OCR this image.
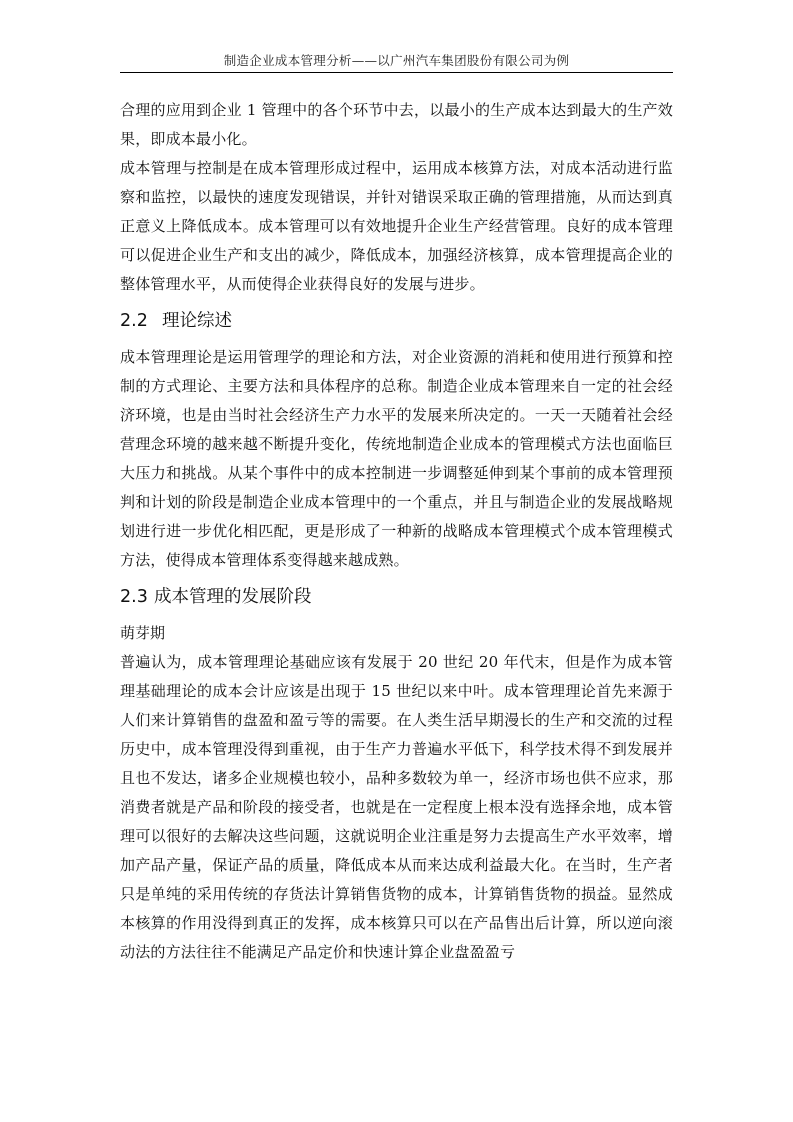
制造企业成本管理分析——以广州汽车集团股份有限公司为例

合理的应用到企业 1 管理中的各个环节中去，以最小的生产成本达到最大的生产效果，即成本最小化。

成本管理与控制是在成本管理形成过程中，运用成本核算方法，对成本活动进行监察和监控，以最快的速度发现错误，并针对错误采取正确的管理措施，从而达到真正意义上降低成本。成本管理可以有效地提升企业生产经营管理。良好的成本管理可以促进企业生产和支出的减少，降低成本，加强经济核算，成本管理提高企业的整体管理水平，从而使得企业获得良好的发展与进步。

2.2 理论综述

成本管理理论是运用管理学的理论和方法，对企业资源的消耗和使用进行预算和控制的方式理论、主要方法和具体程序的总称。制造企业成本管理来自一定的社会经济环境，也是由当时社会经济生产力水平的发展来所决定的。一天一天随着社会经营理念环境的越来越不断提升变化，传统地制造企业成本的管理模式方法也面临巨大压力和挑战。从某个事件中的成本控制进一步调整延伸到某个事前的成本管理预判和计划的阶段是制造企业成本管理中的一个重点，并且与制造企业的发展战略规划进行进一步优化相匹配，更是形成了一种新的战略成本管理模式个成本管理模式方法，使得成本管理体系变得越来越成熟。

2.3 成本管理的发展阶段

萌芽期

普遍认为，成本管理理论基础应该有发展于 20 世纪 20 年代末，但是作为成本管理基础理论的成本会计应该是出现于 15 世纪以来中叶。成本管理理论首先来源于人们来计算销售的盘盈和盈亏等的需要。在人类生活早期漫长的生产和交流的过程历史中，成本管理没得到重视，由于生产力普遍水平低下，科学技术得不到发展并且也不发达，诸多企业规模也较小，品种多数较为单一，经济市场也供不应求，那消费者就是产品和阶段的接受者，也就是在一定程度上根本没有选择余地，成本管理可以很好的去解决这些问题，这就说明企业注重是努力去提高生产水平效率，增加产品产量，保证产品的质量，降低成本从而来达成利益最大化。在当时，生产者只是单纯的采用传统的存货法计算销售货物的成本，计算销售货物的损益。显然成本核算的作用没得到真正的发挥，成本核算只可以在产品售出后计算，所以逆向滚动法的方法往往不能满足产品定价和快速计算企业盘盈盈亏
